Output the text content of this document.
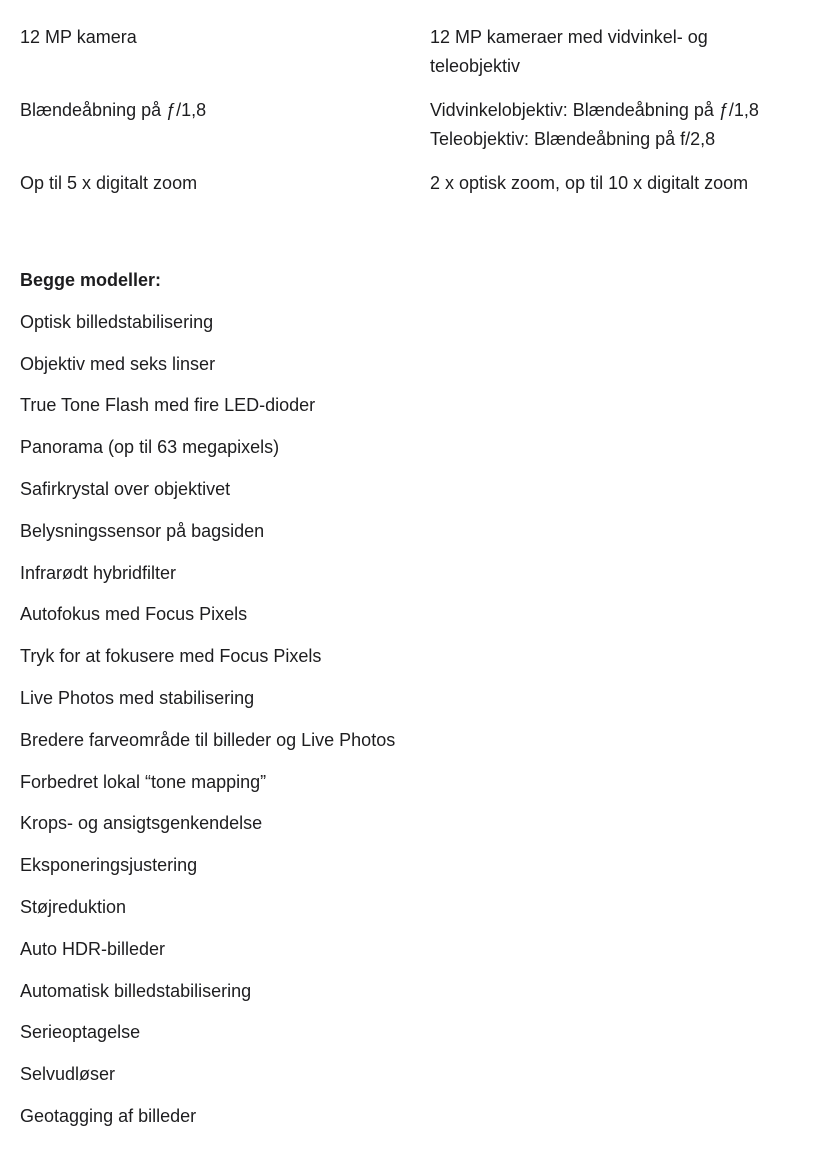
12 MP kamera	12 MP kameraer med vidvinkel- og
teleobjektiv
Blændeåbning på ƒ/1,8	Vidvinkelobjektiv: Blændeåbning på ƒ/1,8
Teleobjektiv: Blændeåbning på f/2,8
Op til 5 x digitalt zoom	2 x optisk zoom, op til 10 x digitalt zoom
Begge modeller:
Optisk billedstabilisering
Objektiv med seks linser
True Tone Flash med fire LED-dioder
Panorama (op til 63 megapixels)
Safirkrystal over objektivet
Belysningssensor på bagsiden
Infrarødt hybridfilter
Autofokus med Focus Pixels
Tryk for at fokusere med Focus Pixels
Live Photos med stabilisering
Bredere farveområde til billeder og Live Photos
Forbedret lokal “tone mapping”
Krops- og ansigtsgenkendelse
Eksponeringsjustering
Støjreduktion
Auto HDR-billeder
Automatisk billedstabilisering
Serieoptagelse
Selvudløser
Geotagging af billeder
